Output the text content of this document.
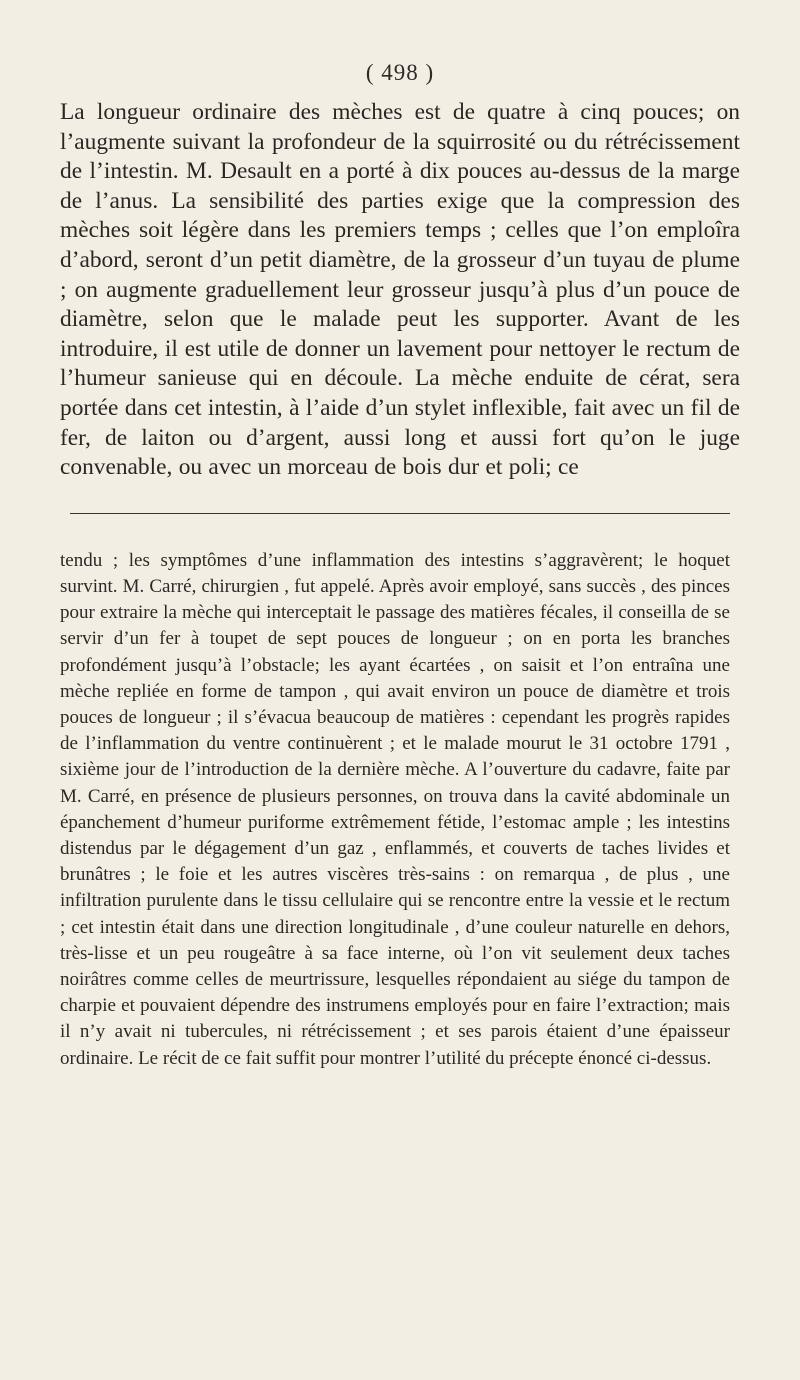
( 498 )

La longueur ordinaire des mèches est de quatre à cinq pouces; on l’augmente suivant la profondeur de la squirrosité ou du rétrécissement de l’intestin. M. Desault en a porté à dix pouces au-dessus de la marge de l’anus. La sensibilité des parties exige que la compression des mèches soit légère dans les premiers temps ; celles que l’on emploîra d’abord, seront d’un petit diamètre, de la grosseur d’un tuyau de plume ; on augmente graduellement leur grosseur jusqu’à plus d’un pouce de diamètre, selon que le malade peut les supporter. Avant de les introduire, il est utile de donner un lavement pour nettoyer le rectum de l’humeur sanieuse qui en découle. La mèche enduite de cérat, sera portée dans cet intestin, à l’aide d’un stylet inflexible, fait avec un fil de fer, de laiton ou d’argent, aussi long et aussi fort qu’on le juge convenable, ou avec un morceau de bois dur et poli; ce

tendu ; les symptômes d’une inflammation des intestins s’aggravèrent; le hoquet survint. M. Carré, chirurgien , fut appelé. Après avoir employé, sans succès , des pinces pour extraire la mèche qui interceptait le passage des matières fécales, il conseilla de se servir d’un fer à toupet de sept pouces de longueur ; on en porta les branches profondément jusqu’à l’obstacle; les ayant écartées , on saisit et l’on entraîna une mèche repliée en forme de tampon , qui avait environ un pouce de diamètre et trois pouces de longueur ; il s’évacua beaucoup de matières : cependant les progrès rapides de l’inflammation du ventre continuèrent ; et le malade mourut le 31 octobre 1791 , sixième jour de l’introduction de la dernière mèche. A l’ouverture du cadavre, faite par M. Carré, en présence de plusieurs personnes, on trouva dans la cavité abdominale un épanchement d’humeur puriforme extrêmement fétide, l’estomac ample ; les intestins distendus par le dégagement d’un gaz , enflammés, et couverts de taches livides et brunâtres ; le foie et les autres viscères très-sains : on remarqua , de plus , une infiltration purulente dans le tissu cellulaire qui se rencontre entre la vessie et le rectum ; cet intestin était dans une direction longitudinale , d’une couleur naturelle en dehors, très-lisse et un peu rougeâtre à sa face interne, où l’on vit seulement deux taches noirâtres comme celles de meurtrissure, lesquelles répondaient au siége du tampon de charpie et pouvaient dépendre des instrumens employés pour en faire l’extraction; mais il n’y avait ni tubercules, ni rétrécissement ; et ses parois étaient d’une épaisseur ordinaire. Le récit de ce fait suffit pour montrer l’utilité du précepte énoncé ci-dessus.
